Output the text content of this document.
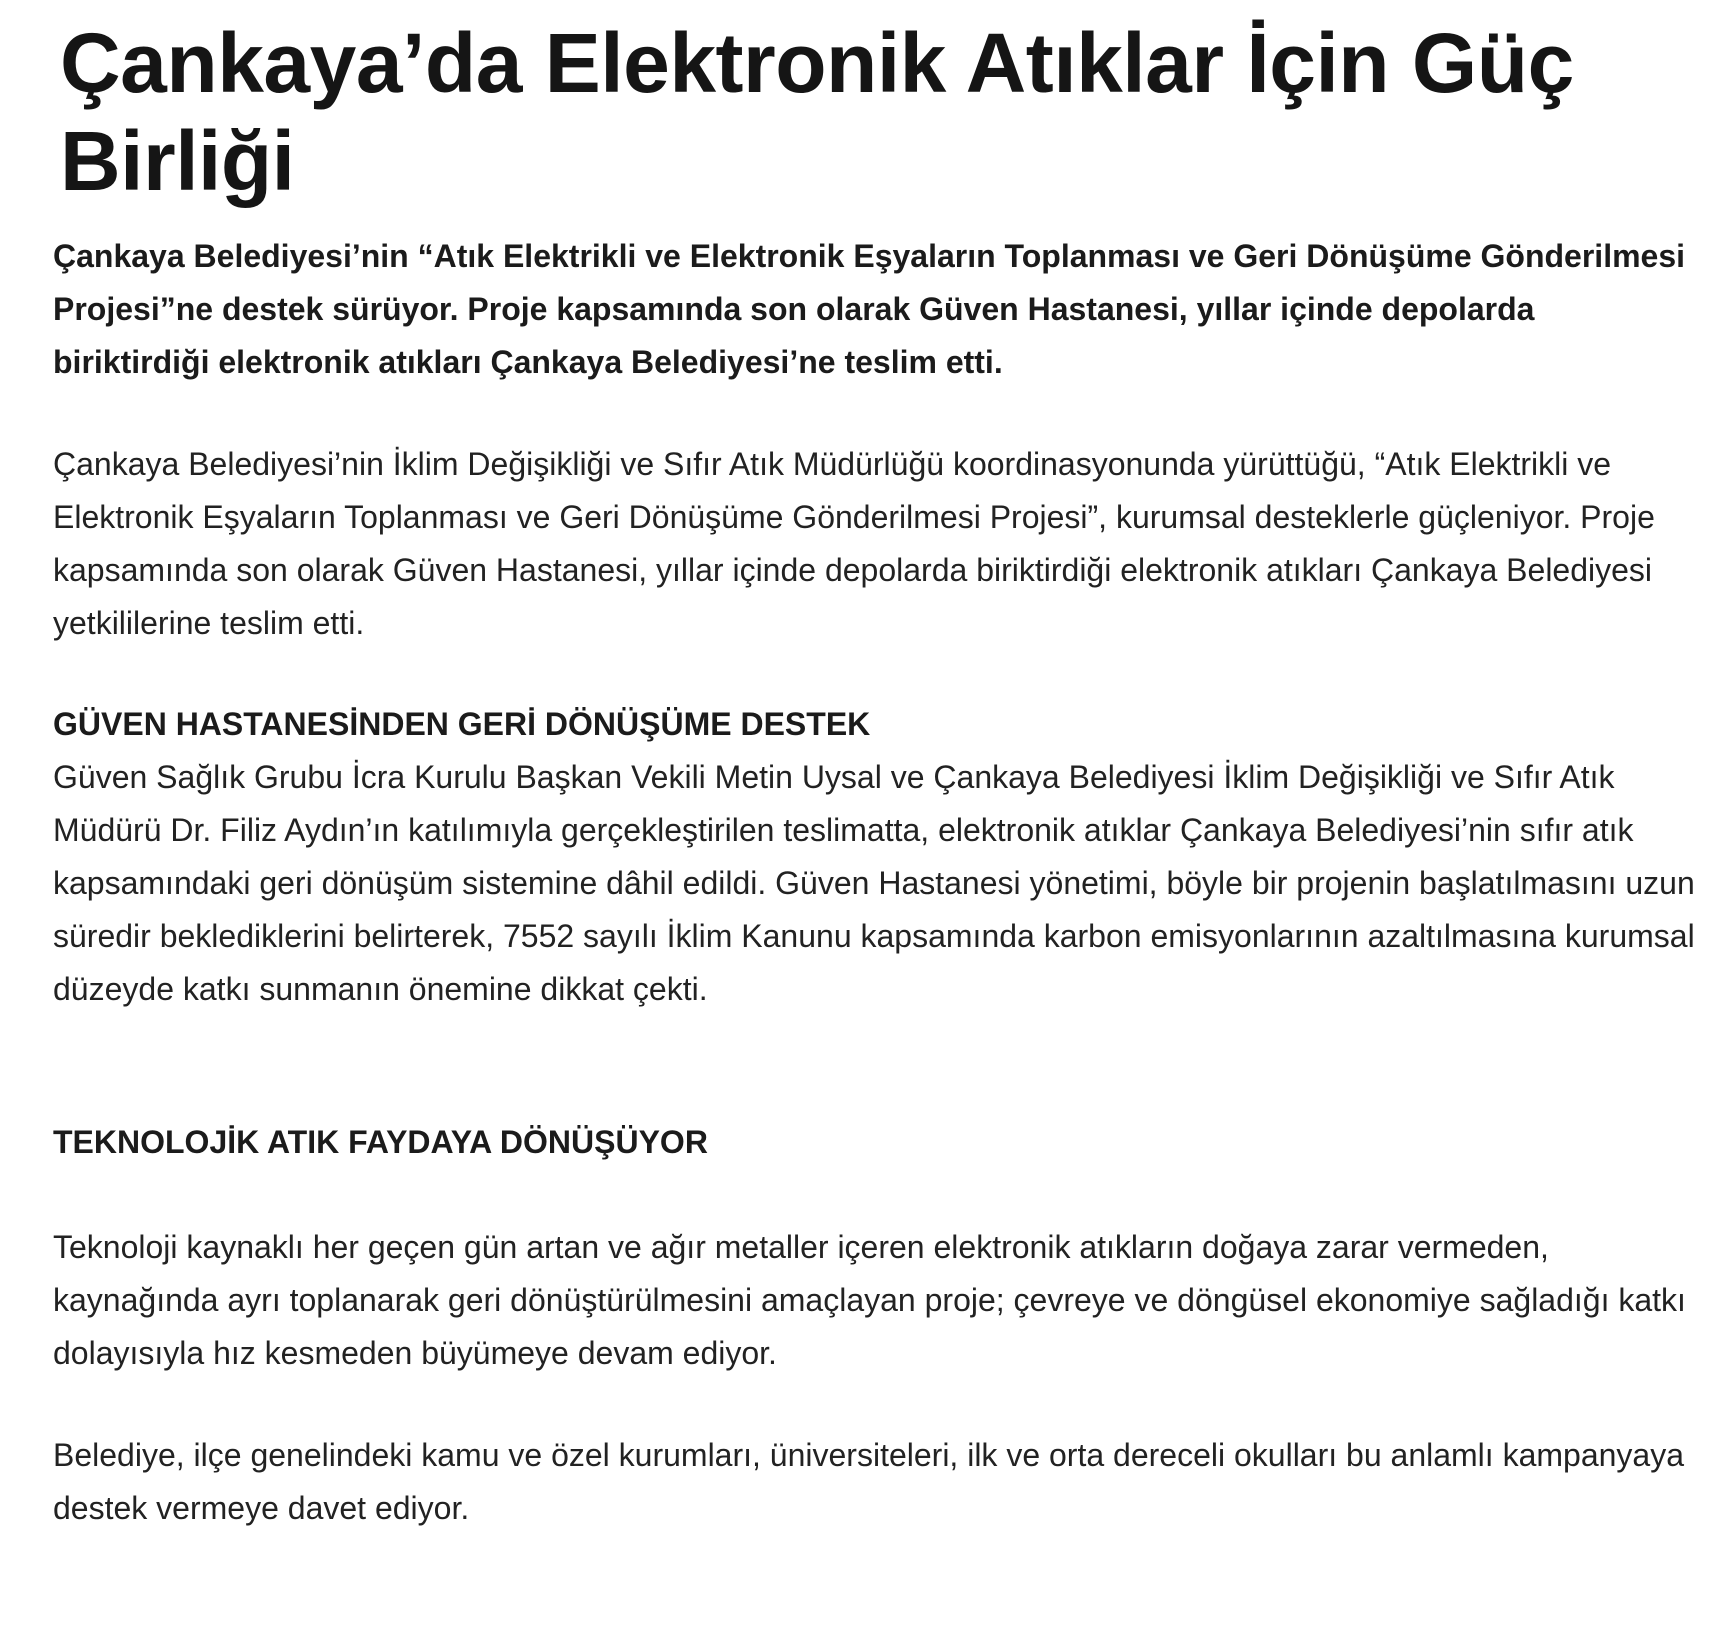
Çankaya’da Elektronik Atıklar İçin Güç Birliği

Çankaya Belediyesi’nin “Atık Elektrikli ve Elektronik Eşyaların Toplanması ve Geri Dönüşüme Gönderilmesi Projesi”ne destek sürüyor. Proje kapsamında son olarak Güven Hastanesi, yıllar içinde depolarda biriktirdiği elektronik atıkları Çankaya Belediyesi’ne teslim etti.

Çankaya Belediyesi’nin İklim Değişikliği ve Sıfır Atık Müdürlüğü koordinasyonunda yürüttüğü, “Atık Elektrikli ve Elektronik Eşyaların Toplanması ve Geri Dönüşüme Gönderilmesi Projesi”, kurumsal desteklerle güçleniyor. Proje kapsamında son olarak Güven Hastanesi, yıllar içinde depolarda biriktirdiği elektronik atıkları Çankaya Belediyesi yetkililerine teslim etti.

GÜVEN HASTANESİNDEN GERİ DÖNÜŞÜME DESTEK

Güven Sağlık Grubu İcra Kurulu Başkan Vekili Metin Uysal ve Çankaya Belediyesi İklim Değişikliği ve Sıfır Atık Müdürü Dr. Filiz Aydın’ın katılımıyla gerçekleştirilen teslimatta, elektronik atıklar Çankaya Belediyesi’nin sıfır atık kapsamındaki geri dönüşüm sistemine dâhil edildi. Güven Hastanesi yönetimi, böyle bir projenin başlatılmasını uzun süredir beklediklerini belirterek, 7552 sayılı İklim Kanunu kapsamında karbon emisyonlarının azaltılmasına kurumsal düzeyde katkı sunmanın önemine dikkat çekti.

TEKNOLOJİK ATIK FAYDAYA DÖNÜŞÜYOR

Teknoloji kaynaklı her geçen gün artan ve ağır metaller içeren elektronik atıkların doğaya zarar vermeden, kaynağında ayrı toplanarak geri dönüştürülmesini amaçlayan proje; çevreye ve döngüsel ekonomiye sağladığı katkı dolayısıyla hız kesmeden büyümeye devam ediyor.

Belediye, ilçe genelindeki kamu ve özel kurumları, üniversiteleri, ilk ve orta dereceli okulları bu anlamlı kampanyaya destek vermeye davet ediyor.
